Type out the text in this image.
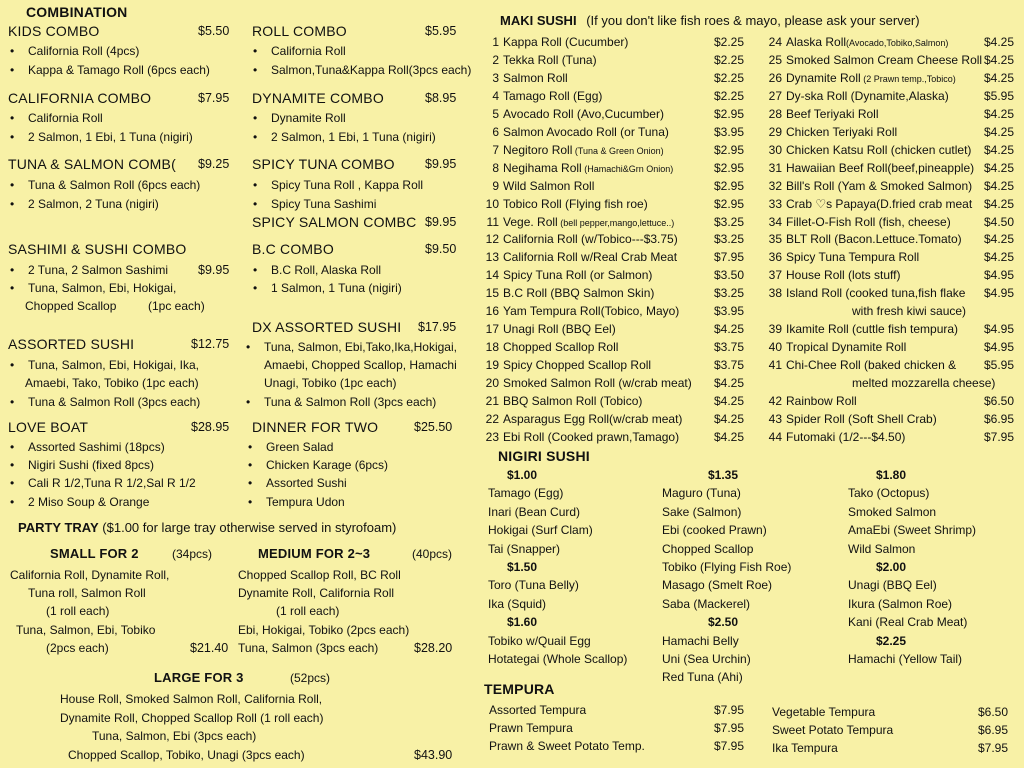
COMBINATION
KIDS COMBO	$5.50
• California Roll (4pcs)
• Kappa & Tamago Roll (6pcs each)
ROLL COMBO	$5.95
• California Roll
• Salmon,Tuna&Kappa Roll(3pcs each)
CALIFORNIA COMBO	$7.95
• California Roll
• 2 Salmon, 1 Ebi, 1 Tuna (nigiri)
DYNAMITE COMBO	$8.95
• Dynamite Roll
• 2 Salmon, 1 Ebi, 1 Tuna (nigiri)
TUNA & SALMON COMB(	$9.25
• Tuna & Salmon Roll (6pcs each)
• 2 Salmon, 2 Tuna (nigiri)
SPICY TUNA COMBO $9.95
• Spicy Tuna Roll , Kappa Roll
• Spicy Tuna Sashimi
SPICY SALMON COMBC $9.95
SASHIMI & SUSHI COMBO
• 2 Tuna, 2 Salmon Sashimi $9.95
• Tuna, Salmon, Ebi, Hokigai,
Chopped Scallop	(1pc each)
B.C COMBO	$9.50
• B.C Roll, Alaska Roll
• 1 Salmon, 1 Tuna (nigiri)
ASSORTED SUSHI	$12.75
• Tuna, Salmon, Ebi, Hokigai, Ika,
Amaebi, Tako, Tobiko (1pc each)
• Tuna & Salmon Roll (3pcs each)
DX ASSORTED SUSHI $17.95
• Tuna, Salmon, Ebi,Tako,Ika,Hokigai,
Amaebi, Chopped Scallop, Hamachi
Unagi, Tobiko (1pc each)
• Tuna & Salmon Roll (3pcs each)
LOVE BOAT	$28.95
• Assorted Sashimi (18pcs)
• Nigiri Sushi (fixed 8pcs)
• Cali R 1/2,Tuna R 1/2,Sal R 1/2
• 2 Miso Soup & Orange
DINNER FOR TWO	$25.50
• Green Salad
• Chicken Karage (6pcs)
• Assorted Sushi
• Tempura Udon
PARTY TRAY ($1.00 for large tray otherwise served in styrofoam)
SMALL FOR 2	(34pcs)
California Roll, Dynamite Roll,
Tuna roll, Salmon Roll
(1 roll each)
Tuna, Salmon, Ebi, Tobiko
(2pcs each)	$21.40
MEDIUM FOR 2~3	(40pcs)
Chopped Scallop Roll, BC Roll
Dynamite Roll, California Roll
(1 roll each)
Ebi, Hokigai, Tobiko (2pcs each)
Tuna, Salmon (3pcs each)	$28.20
LARGE FOR 3	(52pcs)
House Roll, Smoked Salmon Roll, California Roll,
Dynamite Roll, Chopped Scallop Roll (1 roll each)
Tuna, Salmon, Ebi (3pcs each)
Chopped Scallop, Tobiko, Unagi (3pcs each)	$43.90
MAKI SUSHI (If you don't like fish roes & mayo, please ask your server)
NIGIRI SUSHI
TEMPURA
1 Kappa Roll (Cucumber)	$2.25
2 Tekka Roll (Tuna)	$2.25
3 Salmon Roll	$2.25
4 Tamago Roll (Egg)	$2.25
5 Avocado Roll (Avo,Cucumber)	$2.95
6 Salmon Avocado Roll (or Tuna)	$3.95
7 Negitoro Roll (Tuna & Green Onion)	$2.95
8 Negihama Roll (Hamachi&Grn Onion)	$2.95
9 Wild Salmon Roll	$2.95
10 Tobico Roll (Flying fish roe)	$2.95
11 Vege. Roll (bell pepper,mango,lettuce..)	$3.25
12 California Roll (w/Tobico---$3.75)	$3.25
13 California Roll w/Real Crab Meat	$7.95
14 Spicy Tuna Roll (or Salmon)	$3.50
15 B.C Roll (BBQ Salmon Skin)	$3.25
16 Yam Tempura Roll(Tobico, Mayo)	$3.95
17 Unagi Roll (BBQ Eel)	$4.25
18 Chopped Scallop Roll	$3.75
19 Spicy Chopped Scallop Roll	$3.75
20 Smoked Salmon Roll (w/crab meat) $4.25
21 BBQ Salmon Roll (Tobico)	$4.25
22 Asparagus Egg Roll(w/crab meat)	$4.25
23 Ebi Roll (Cooked prawn,Tamago)	$4.25
24 Alaska Roll(Avocado,Tobiko,Salmon)	$4.25
25 Smoked Salmon Cream Cheese Roll $4.25
26 Dynamite Roll (2 Prawn temp.,Tobico) $4.25
27 Dy-ska Roll (Dynamite,Alaska)	$5.95
28 Beef Teriyaki Roll	$4.25
29 Chicken Teriyaki Roll	$4.25
30 Chicken Katsu Roll (chicken cutlet) $4.25
31 Hawaiian Beef Roll(beef,pineapple) $4.25
32 Bill's Roll (Yam & Smoked Salmon) $4.25
33 Crab ♡s Papaya(D.fried crab meat $4.25
34 Fillet-O-Fish Roll (fish, cheese)	$4.50
35 BLT Roll (Bacon.Lettuce.Tomato) $4.25
36 Spicy Tuna Tempura Roll	$4.25
37 House Roll (lots stuff)	$4.95
38 Island Roll (cooked tuna,fish flake $4.95
with fresh kiwi sauce)
39 Ikamite Roll (cuttle fish tempura) $4.95
40 Tropical Dynamite Roll	$4.95
41 Chi-Chee Roll (baked chicken & $5.95
melted mozzarella cheese)
42 Rainbow Roll	$6.50
43 Spider Roll (Soft Shell Crab)	$6.95
44 Futomaki (1/2---$4.50)	$7.95
$1.00
Tamago (Egg)
Inari (Bean Curd)
Hokigai (Surf Clam)
Tai (Snapper)
$1.50
Toro (Tuna Belly)
Ika (Squid)
$1.60
Tobiko w/Quail Egg
Hotategai (Whole Scallop)
$1.35
Maguro (Tuna)
Sake (Salmon)
Ebi (cooked Prawn)
Chopped Scallop
Tobiko (Flying Fish Roe)
Masago (Smelt Roe)
Saba (Mackerel)
$2.50
Hamachi Belly
Uni (Sea Urchin)
Red Tuna (Ahi)
$1.80
Tako (Octopus)
Smoked Salmon
AmaEbi (Sweet Shrimp)
Wild Salmon
$2.00
Unagi (BBQ Eel)
Ikura (Salmon Roe)
Kani (Real Crab Meat)
$2.25
Hamachi (Yellow Tail)
Assorted Tempura	$7.95
Prawn Tempura	$7.95
Prawn & Sweet Potato Temp.	$7.95
Vegetable Tempura	$6.50
Sweet Potato Tempura	$6.95
Ika Tempura	$7.95
